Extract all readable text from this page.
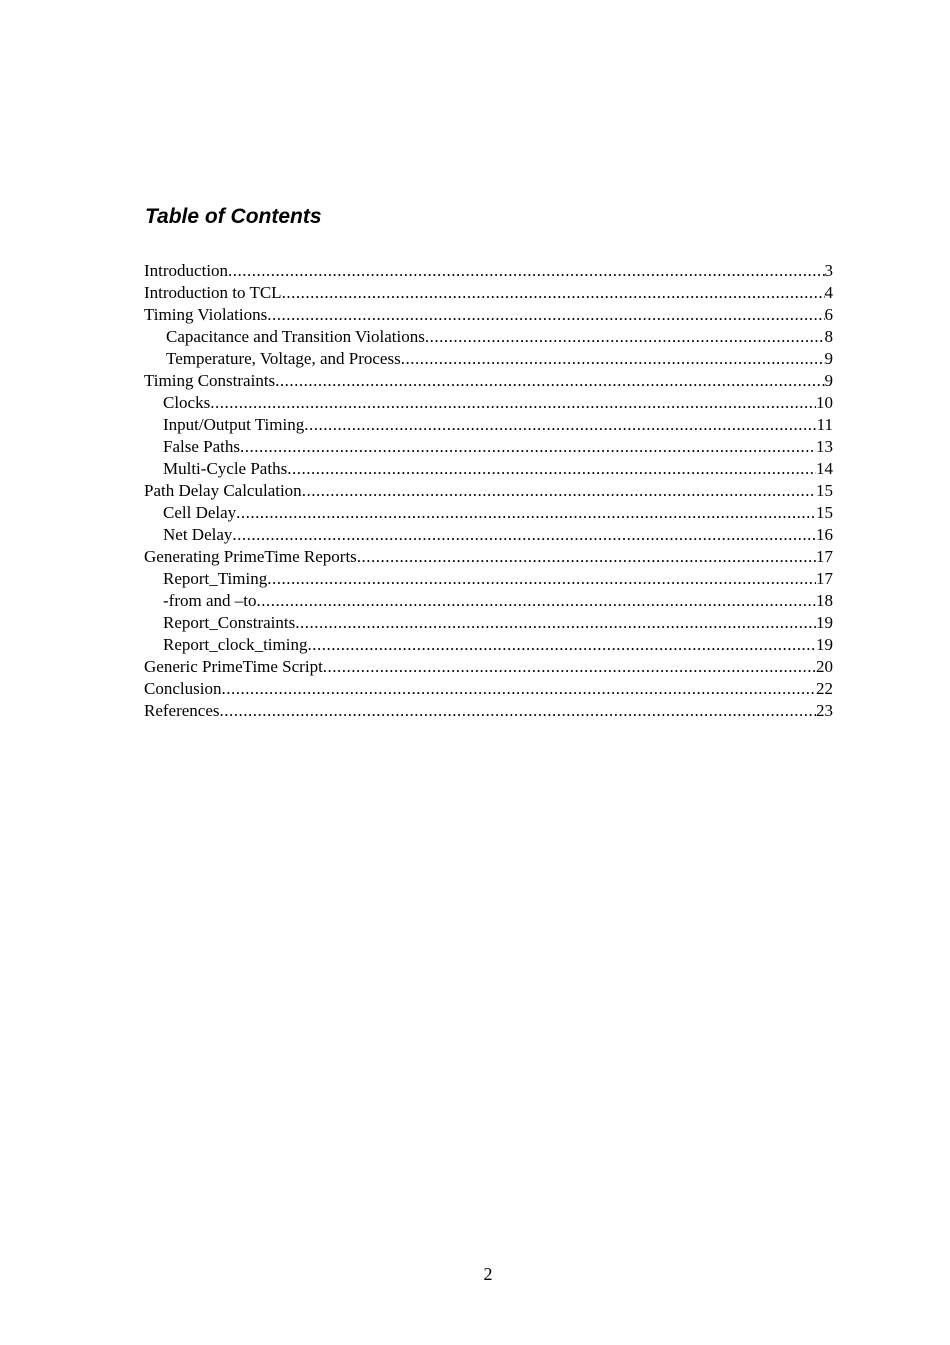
Table of Contents
Introduction .....	3
Introduction to TCL .....	4
Timing Violations .....	6
Capacitance and Transition Violations .....	8
Temperature, Voltage, and Process .....	9
Timing Constraints .....	9
Clocks .....	10
Input/Output Timing .....	11
False Paths .....	13
Multi-Cycle Paths .....	14
Path Delay Calculation .....	15
Cell Delay .....	15
Net Delay .....	16
Generating PrimeTime Reports .....	17
Report_Timing .....	17
-from and –to .....	18
Report_Constraints .....	19
Report_clock_timing .....	19
Generic PrimeTime Script .....	20
Conclusion .....	22
References .....	23
2
